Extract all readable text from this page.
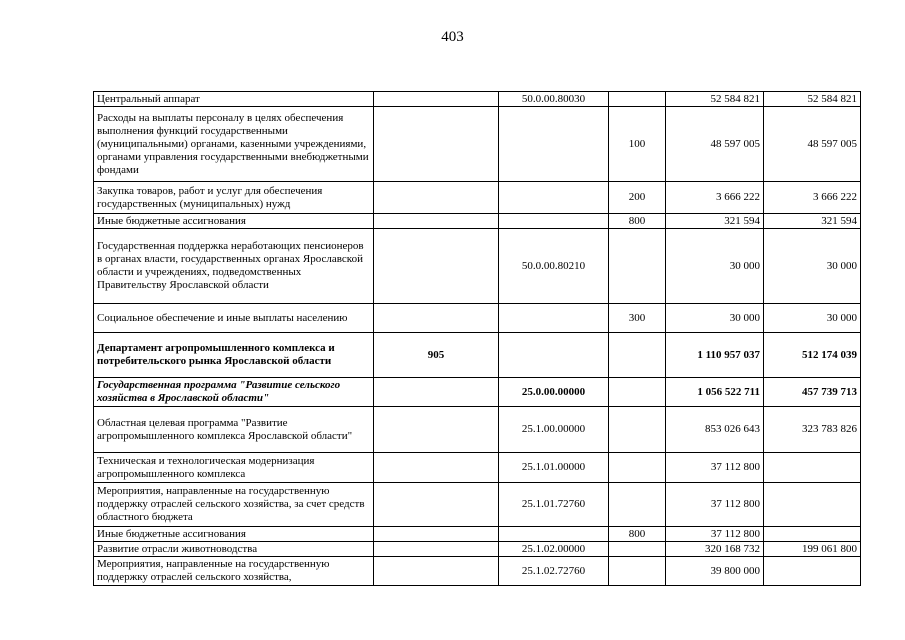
403
Центральный аппарат		50.0.00.80030		52 584 821	52 584 821
Расходы на выплаты персоналу в целях обеспечения выполнения функций государственными (муниципальными) органами, казенными учреждениями, органами управления государственными внебюджетными фондами			100	48 597 005	48 597 005
Закупка товаров, работ и услуг для обеспечения государственных (муниципальных) нужд			200	3 666 222	3 666 222
Иные бюджетные ассигнования			800	321 594	321 594
Государственная поддержка неработающих пенсионеров в органах власти, государственных органах Ярославской области и учреждениях, подведомственных Правительству Ярославской области		50.0.00.80210		30 000	30 000
Социальное обеспечение и иные выплаты населению			300	30 000	30 000
Департамент агропромышленного комплекса и потребительского рынка Ярославской области	905			1 110 957 037	512 174 039
Государственная программа "Развитие сельского хозяйства в Ярославской области"		25.0.00.00000		1 056 522 711	457 739 713
Областная целевая программа "Развитие агропромышленного комплекса Ярославской области"		25.1.00.00000		853 026 643	323 783 826
Техническая и технологическая модернизация агропромышленного комплекса		25.1.01.00000		37 112 800	
Мероприятия, направленные на государственную поддержку отраслей сельского хозяйства, за счет средств областного бюджета		25.1.01.72760		37 112 800	
Иные бюджетные ассигнования			800	37 112 800	
Развитие отрасли животноводства		25.1.02.00000		320 168 732	199 061 800
Мероприятия, направленные на государственную поддержку отраслей сельского хозяйства,		25.1.02.72760		39 800 000	
